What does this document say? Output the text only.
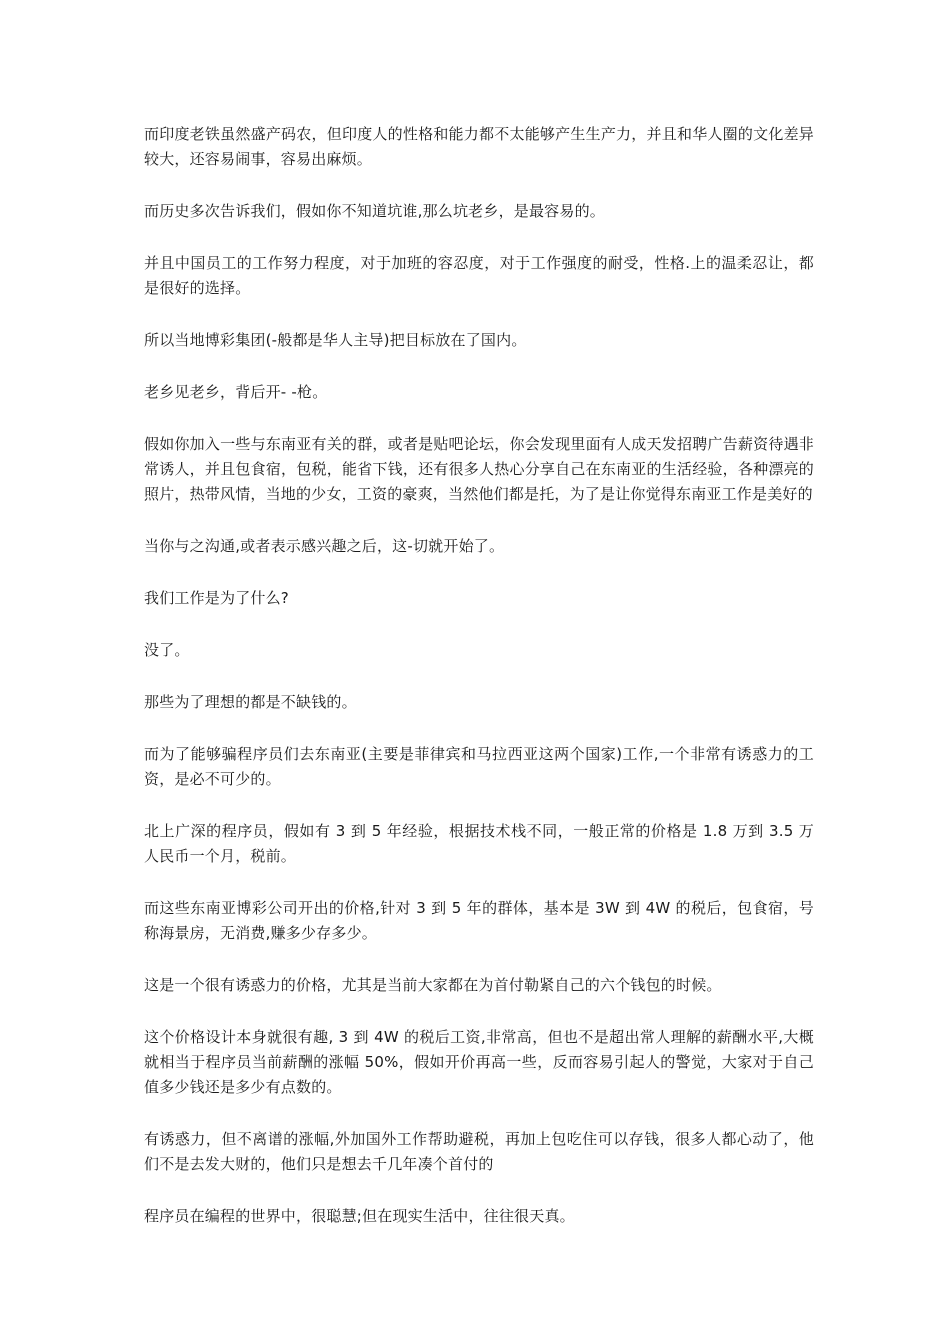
而印度老铁虽然盛产码农，但印度人的性格和能力都不太能够产生生产力，并且和华人圈的文化差异较大，还容易闹事，容易出麻烦。

而历史多次告诉我们，假如你不知道坑谁,那么坑老乡，是最容易的。

并且中国员工的工作努力程度，对于加班的容忍度，对于工作强度的耐受，性格.上的温柔忍让，都是很好的选择。

所以当地博彩集团(-般都是华人主导)把目标放在了国内。

老乡见老乡，背后开- -枪。

假如你加入一些与东南亚有关的群，或者是贴吧论坛，你会发现里面有人成天发招聘广告薪资待遇非常诱人，并且包食宿，包税，能省下钱，还有很多人热心分享自己在东南亚的生活经验，各种漂亮的照片，热带风情，当地的少女，工资的豪爽，当然他们都是托，为了是让你觉得东南亚工作是美好的

当你与之沟通,或者表示感兴趣之后，这-切就开始了。

我们工作是为了什么?

没了。

那些为了理想的都是不缺钱的。

而为了能够骗程序员们去东南亚(主要是菲律宾和马拉西亚这两个国家)工作,一个非常有诱惑力的工资，是必不可少的。

北上广深的程序员，假如有 3 到 5 年经验，根据技术栈不同，一般正常的价格是 1.8 万到 3.5 万人民币一个月，税前。

而这些东南亚博彩公司开出的价格,针对 3 到 5 年的群体，基本是 3W 到 4W 的税后，包食宿，号称海景房，无消费,赚多少存多少。

这是一个很有诱惑力的价格，尤其是当前大家都在为首付勒紧自己的六个钱包的时候。

这个价格设计本身就很有趣, 3 到 4W 的税后工资,非常高，但也不是超出常人理解的薪酬水平,大概就相当于程序员当前薪酬的涨幅 50%，假如开价再高一些，反而容易引起人的警觉，大家对于自己值多少钱还是多少有点数的。

有诱惑力，但不离谱的涨幅,外加国外工作帮助避税，再加上包吃住可以存钱，很多人都心动了，他们不是去发大财的，他们只是想去千几年凑个首付的

程序员在编程的世界中，很聪慧;但在现实生活中，往往很天真。
